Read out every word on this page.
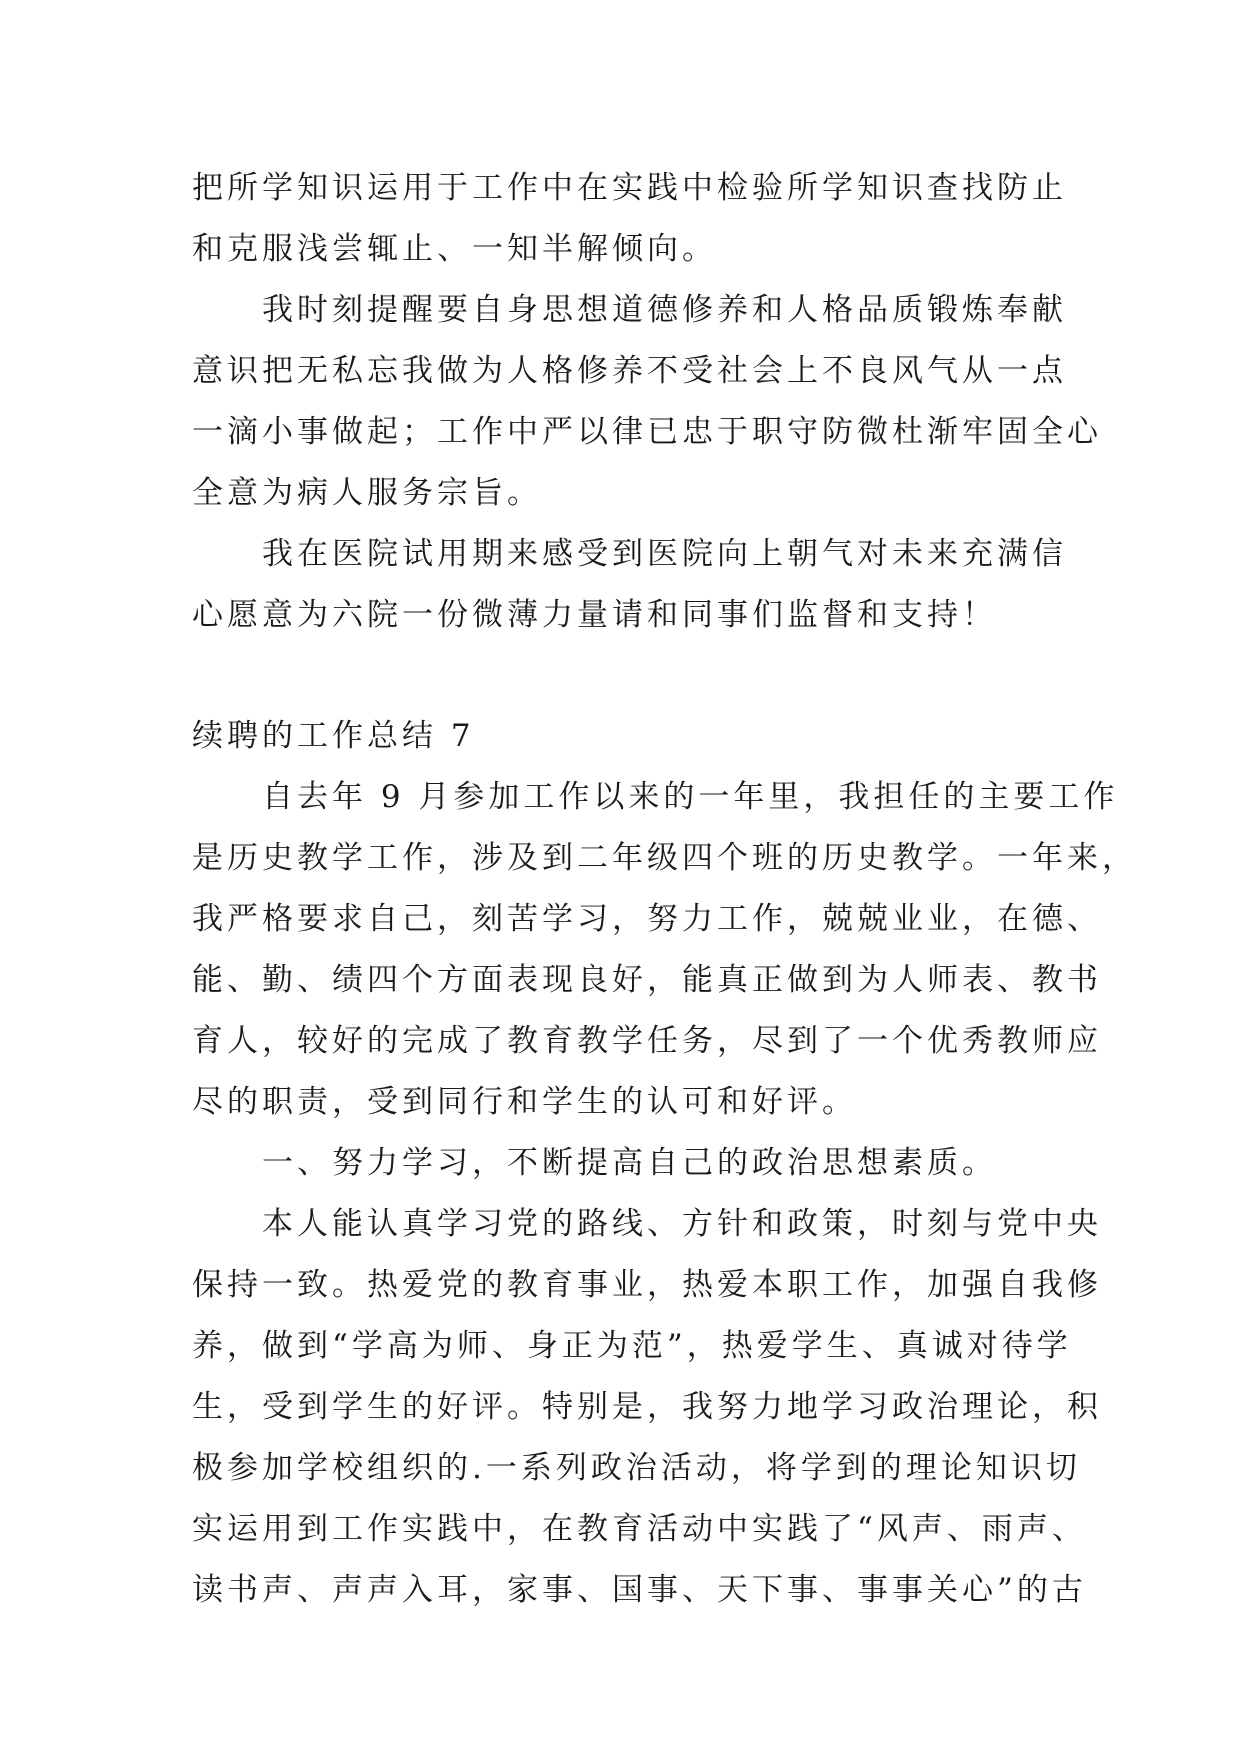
把所学知识运用于工作中在实践中检验所学知识查找防止
和克服浅尝辄止、一知半解倾向。
我时刻提醒要自身思想道德修养和人格品质锻炼奉献
意识把无私忘我做为人格修养不受社会上不良风气从一点
一滴小事做起；工作中严以律已忠于职守防微杜渐牢固全心
全意为病人服务宗旨。
我在医院试用期来感受到医院向上朝气对未来充满信
心愿意为六院一份微薄力量请和同事们监督和支持！
续聘的工作总结 7
自去年 9 月参加工作以来的一年里，我担任的主要工作
是历史教学工作，涉及到二年级四个班的历史教学。一年来，
我严格要求自己，刻苦学习，努力工作，兢兢业业，在德、
能、勤、绩四个方面表现良好，能真正做到为人师表、教书
育人，较好的完成了教育教学任务，尽到了一个优秀教师应
尽的职责，受到同行和学生的认可和好评。
一、努力学习，不断提高自己的政治思想素质。
本人能认真学习党的路线、方针和政策，时刻与党中央
保持一致。热爱党的教育事业，热爱本职工作，加强自我修
养，做到“学高为师、身正为范”，热爱学生、真诚对待学
生，受到学生的好评。特别是，我努力地学习政治理论，积
极参加学校组织的.一系列政治活动，将学到的理论知识切
实运用到工作实践中，在教育活动中实践了“风声、雨声、
读书声、声声入耳，家事、国事、天下事、事事关心”的古
